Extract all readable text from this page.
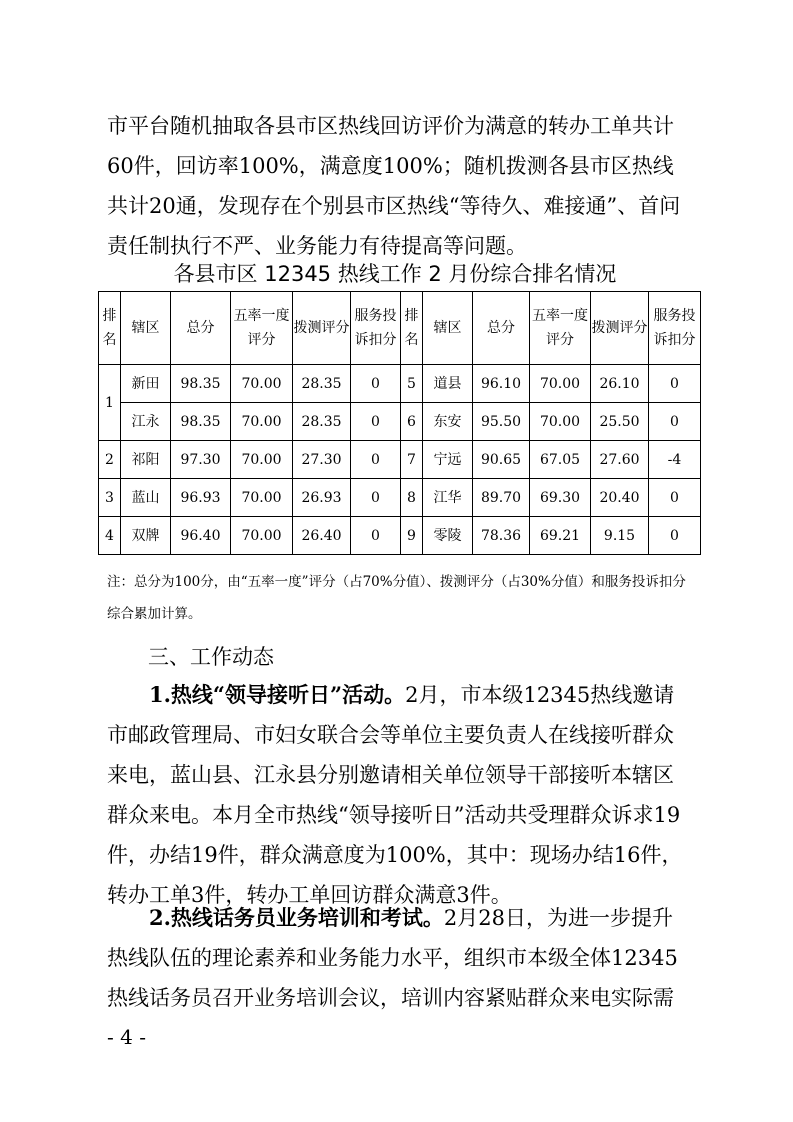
市平台随机抽取各县市区热线回访评价为满意的转办工单共计60件，回访率100%，满意度100%；随机拨测各县市区热线共计20通，发现存在个别县市区热线“等待久、难接通”、首问责任制执行不严、业务能力有待提高等问题。
各县市区 12345 热线工作 2 月份综合排名情况
排名	辖区	总分	五率一度评分	拨测评分	服务投诉扣分	排名	辖区	总分	五率一度评分	拨测评分	服务投诉扣分
1	新田	98.35	70.00	28.35	0	5	道县	96.10	70.00	26.10	0
	江永	98.35	70.00	28.35	0	6	东安	95.50	70.00	25.50	0
2	祁阳	97.30	70.00	27.30	0	7	宁远	90.65	67.05	27.60	-4
3	蓝山	96.93	70.00	26.93	0	8	江华	89.70	69.30	20.40	0
4	双牌	96.40	70.00	26.40	0	9	零陵	78.36	69.21	9.15	0
注：总分为100分，由“五率一度”评分（占70%分值）、拨测评分（占30%分值）和服务投诉扣分综合累加计算。
三、工作动态
1.热线“领导接听日”活动。2月，市本级12345热线邀请市邮政管理局、市妇女联合会等单位主要负责人在线接听群众来电，蓝山县、江永县分别邀请相关单位领导干部接听本辖区群众来电。本月全市热线“领导接听日”活动共受理群众诉求19件，办结19件，群众满意度为100%，其中：现场办结16件，转办工单3件，转办工单回访群众满意3件。
2.热线话务员业务培训和考试。2月28日，为进一步提升热线队伍的理论素养和业务能力水平，组织市本级全体12345热线话务员召开业务培训会议，培训内容紧贴群众来电实际需
- 4 -
